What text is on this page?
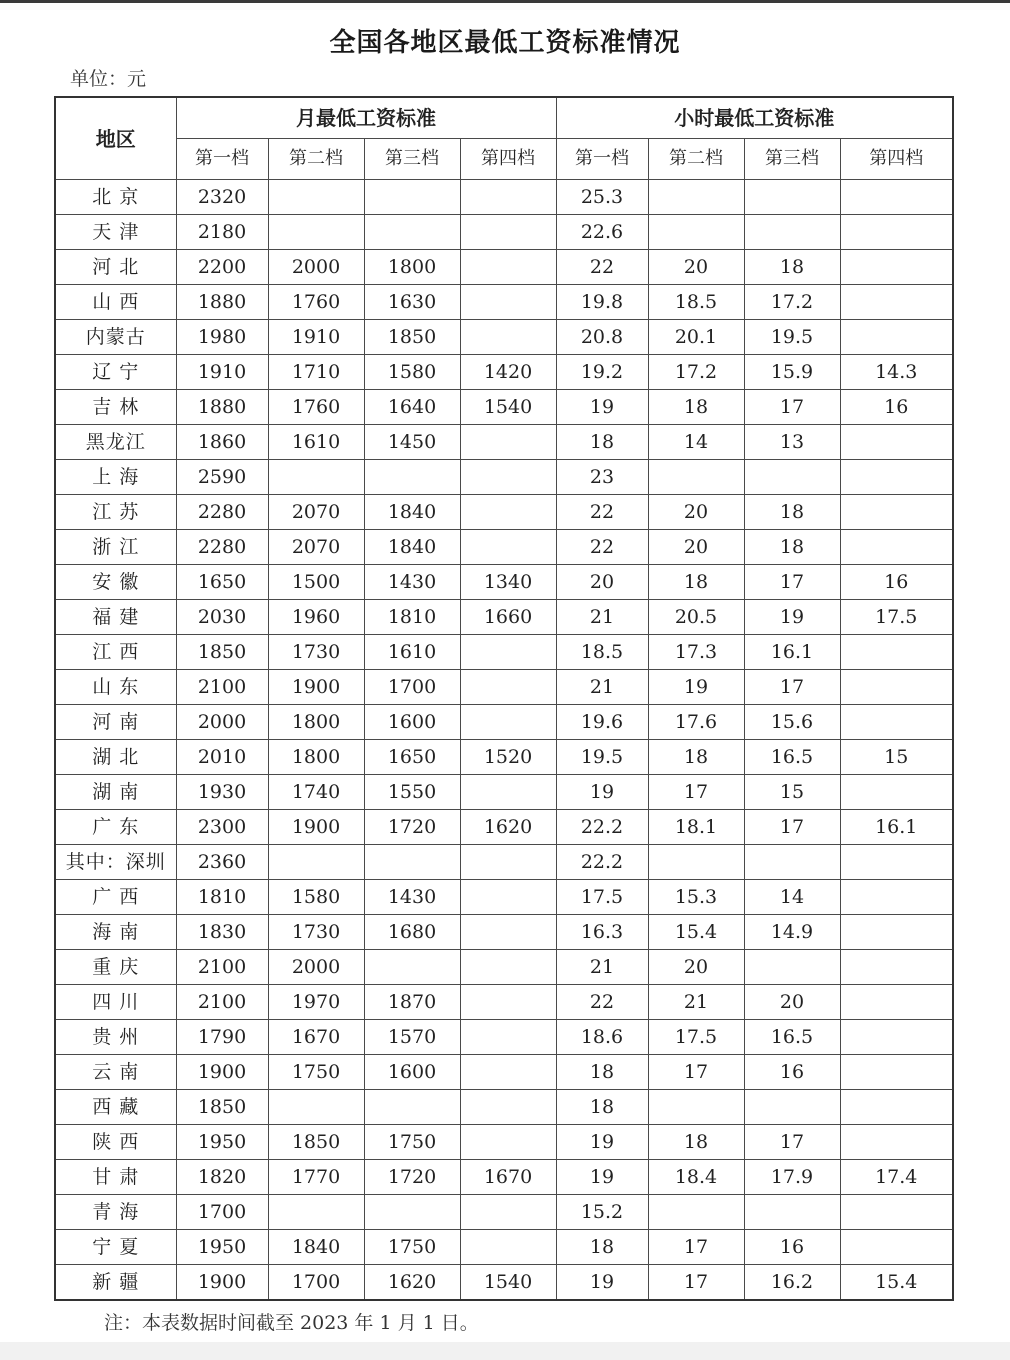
全国各地区最低工资标准情况
单位：元
地区	月最低工资标准				小时最低工资标准			
	第一档	第二档	第三档	第四档	第一档	第二档	第三档	第四档
北 京	2320				25.3			
天 津	2180				22.6			
河 北	2200	2000	1800		22	20	18	
山 西	1880	1760	1630		19.8	18.5	17.2	
内蒙古	1980	1910	1850		20.8	20.1	19.5	
辽 宁	1910	1710	1580	1420	19.2	17.2	15.9	14.3
吉 林	1880	1760	1640	1540	19	18	17	16
黑龙江	1860	1610	1450		18	14	13	
上 海	2590				23			
江 苏	2280	2070	1840		22	20	18	
浙 江	2280	2070	1840		22	20	18	
安 徽	1650	1500	1430	1340	20	18	17	16
福 建	2030	1960	1810	1660	21	20.5	19	17.5
江 西	1850	1730	1610		18.5	17.3	16.1	
山 东	2100	1900	1700		21	19	17	
河 南	2000	1800	1600		19.6	17.6	15.6	
湖 北	2010	1800	1650	1520	19.5	18	16.5	15
湖 南	1930	1740	1550		19	17	15	
广 东	2300	1900	1720	1620	22.2	18.1	17	16.1
其中：深圳	2360				22.2			
广 西	1810	1580	1430		17.5	15.3	14	
海 南	1830	1730	1680		16.3	15.4	14.9	
重 庆	2100	2000			21	20		
四 川	2100	1970	1870		22	21	20	
贵 州	1790	1670	1570		18.6	17.5	16.5	
云 南	1900	1750	1600		18	17	16	
西 藏	1850				18			
陕 西	1950	1850	1750		19	18	17	
甘 肃	1820	1770	1720	1670	19	18.4	17.9	17.4
青 海	1700				15.2			
宁 夏	1950	1840	1750		18	17	16	
新 疆	1900	1700	1620	1540	19	17	16.2	15.4
注：本表数据时间截至 2023 年 1 月 1 日。
